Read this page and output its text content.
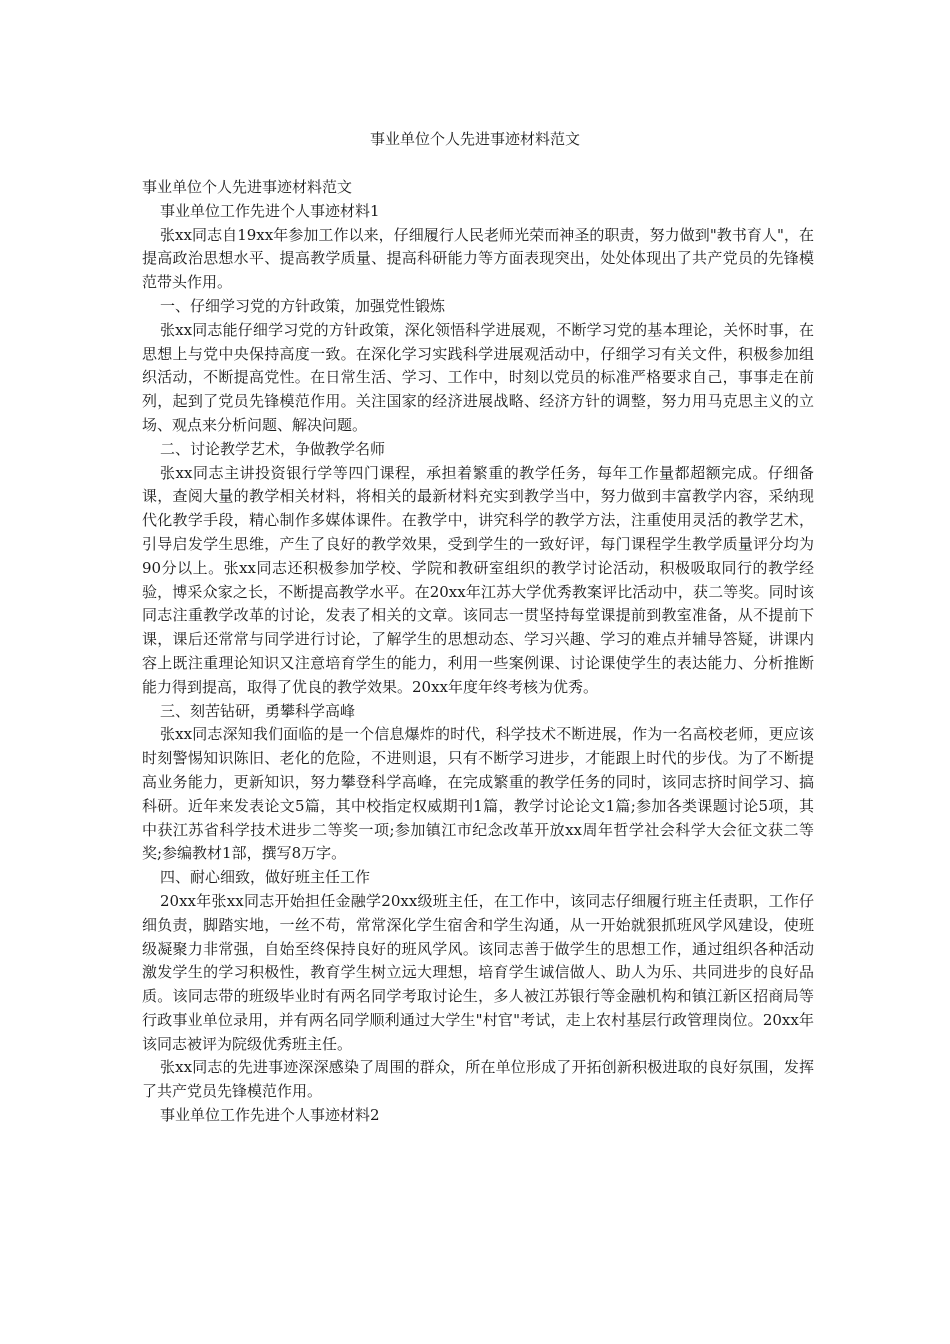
事业单位个人先进事迹材料范文

事业单位个人先进事迹材料范文

事业单位工作先进个人事迹材料1

张xx同志自19xx年参加工作以来，仔细履行人民老师光荣而神圣的职责，努力做到"教书育人"，在提高政治思想水平、提高教学质量、提高科研能力等方面表现突出，处处体现出了共产党员的先锋模范带头作用。

一、仔细学习党的方针政策，加强党性锻炼

张xx同志能仔细学习党的方针政策，深化领悟科学进展观，不断学习党的基本理论，关怀时事，在思想上与党中央保持高度一致。在深化学习实践科学进展观活动中，仔细学习有关文件，积极参加组织活动，不断提高党性。在日常生活、学习、工作中，时刻以党员的标准严格要求自己，事事走在前列，起到了党员先锋模范作用。关注国家的经济进展战略、经济方针的调整，努力用马克思主义的立场、观点来分析问题、解决问题。

二、讨论教学艺术，争做教学名师

张xx同志主讲投资银行学等四门课程，承担着繁重的教学任务，每年工作量都超额完成。仔细备课，查阅大量的教学相关材料，将相关的最新材料充实到教学当中，努力做到丰富教学内容，采纳现代化教学手段，精心制作多媒体课件。在教学中，讲究科学的教学方法，注重使用灵活的教学艺术，引导启发学生思维，产生了良好的教学效果，受到学生的一致好评，每门课程学生教学质量评分均为90分以上。张xx同志还积极参加学校、学院和教研室组织的教学讨论活动，积极吸取同行的教学经验，博采众家之长，不断提高教学水平。在20xx年江苏大学优秀教案评比活动中，获二等奖。同时该同志注重教学改革的讨论，发表了相关的文章。该同志一贯坚持每堂课提前到教室准备，从不提前下课，课后还常常与同学进行讨论，了解学生的思想动态、学习兴趣、学习的难点并辅导答疑，讲课内容上既注重理论知识又注意培育学生的能力，利用一些案例课、讨论课使学生的表达能力、分析推断能力得到提高，取得了优良的教学效果。20xx年度年终考核为优秀。

三、刻苦钻研，勇攀科学高峰

张xx同志深知我们面临的是一个信息爆炸的时代，科学技术不断进展，作为一名高校老师，更应该时刻警惕知识陈旧、老化的危险，不进则退，只有不断学习进步，才能跟上时代的步伐。为了不断提高业务能力，更新知识，努力攀登科学高峰，在完成繁重的教学任务的同时，该同志挤时间学习、搞科研。近年来发表论文5篇，其中校指定权威期刊1篇，教学讨论论文1篇;参加各类课题讨论5项，其中获江苏省科学技术进步二等奖一项;参加镇江市纪念改革开放xx周年哲学社会科学大会征文获二等奖;参编教材1部，撰写8万字。

四、耐心细致，做好班主任工作

20xx年张xx同志开始担任金融学20xx级班主任，在工作中，该同志仔细履行班主任责职，工作仔细负责，脚踏实地，一丝不苟，常常深化学生宿舍和学生沟通，从一开始就狠抓班风学风建设，使班级凝聚力非常强，自始至终保持良好的班风学风。该同志善于做学生的思想工作，通过组织各种活动激发学生的学习积极性，教育学生树立远大理想，培育学生诚信做人、助人为乐、共同进步的良好品质。该同志带的班级毕业时有两名同学考取讨论生，多人被江苏银行等金融机构和镇江新区招商局等行政事业单位录用，并有两名同学顺利通过大学生"村官"考试，走上农村基层行政管理岗位。20xx年该同志被评为院级优秀班主任。

张xx同志的先进事迹深深感染了周围的群众，所在单位形成了开拓创新积极进取的良好氛围，发挥了共产党员先锋模范作用。

事业单位工作先进个人事迹材料2
